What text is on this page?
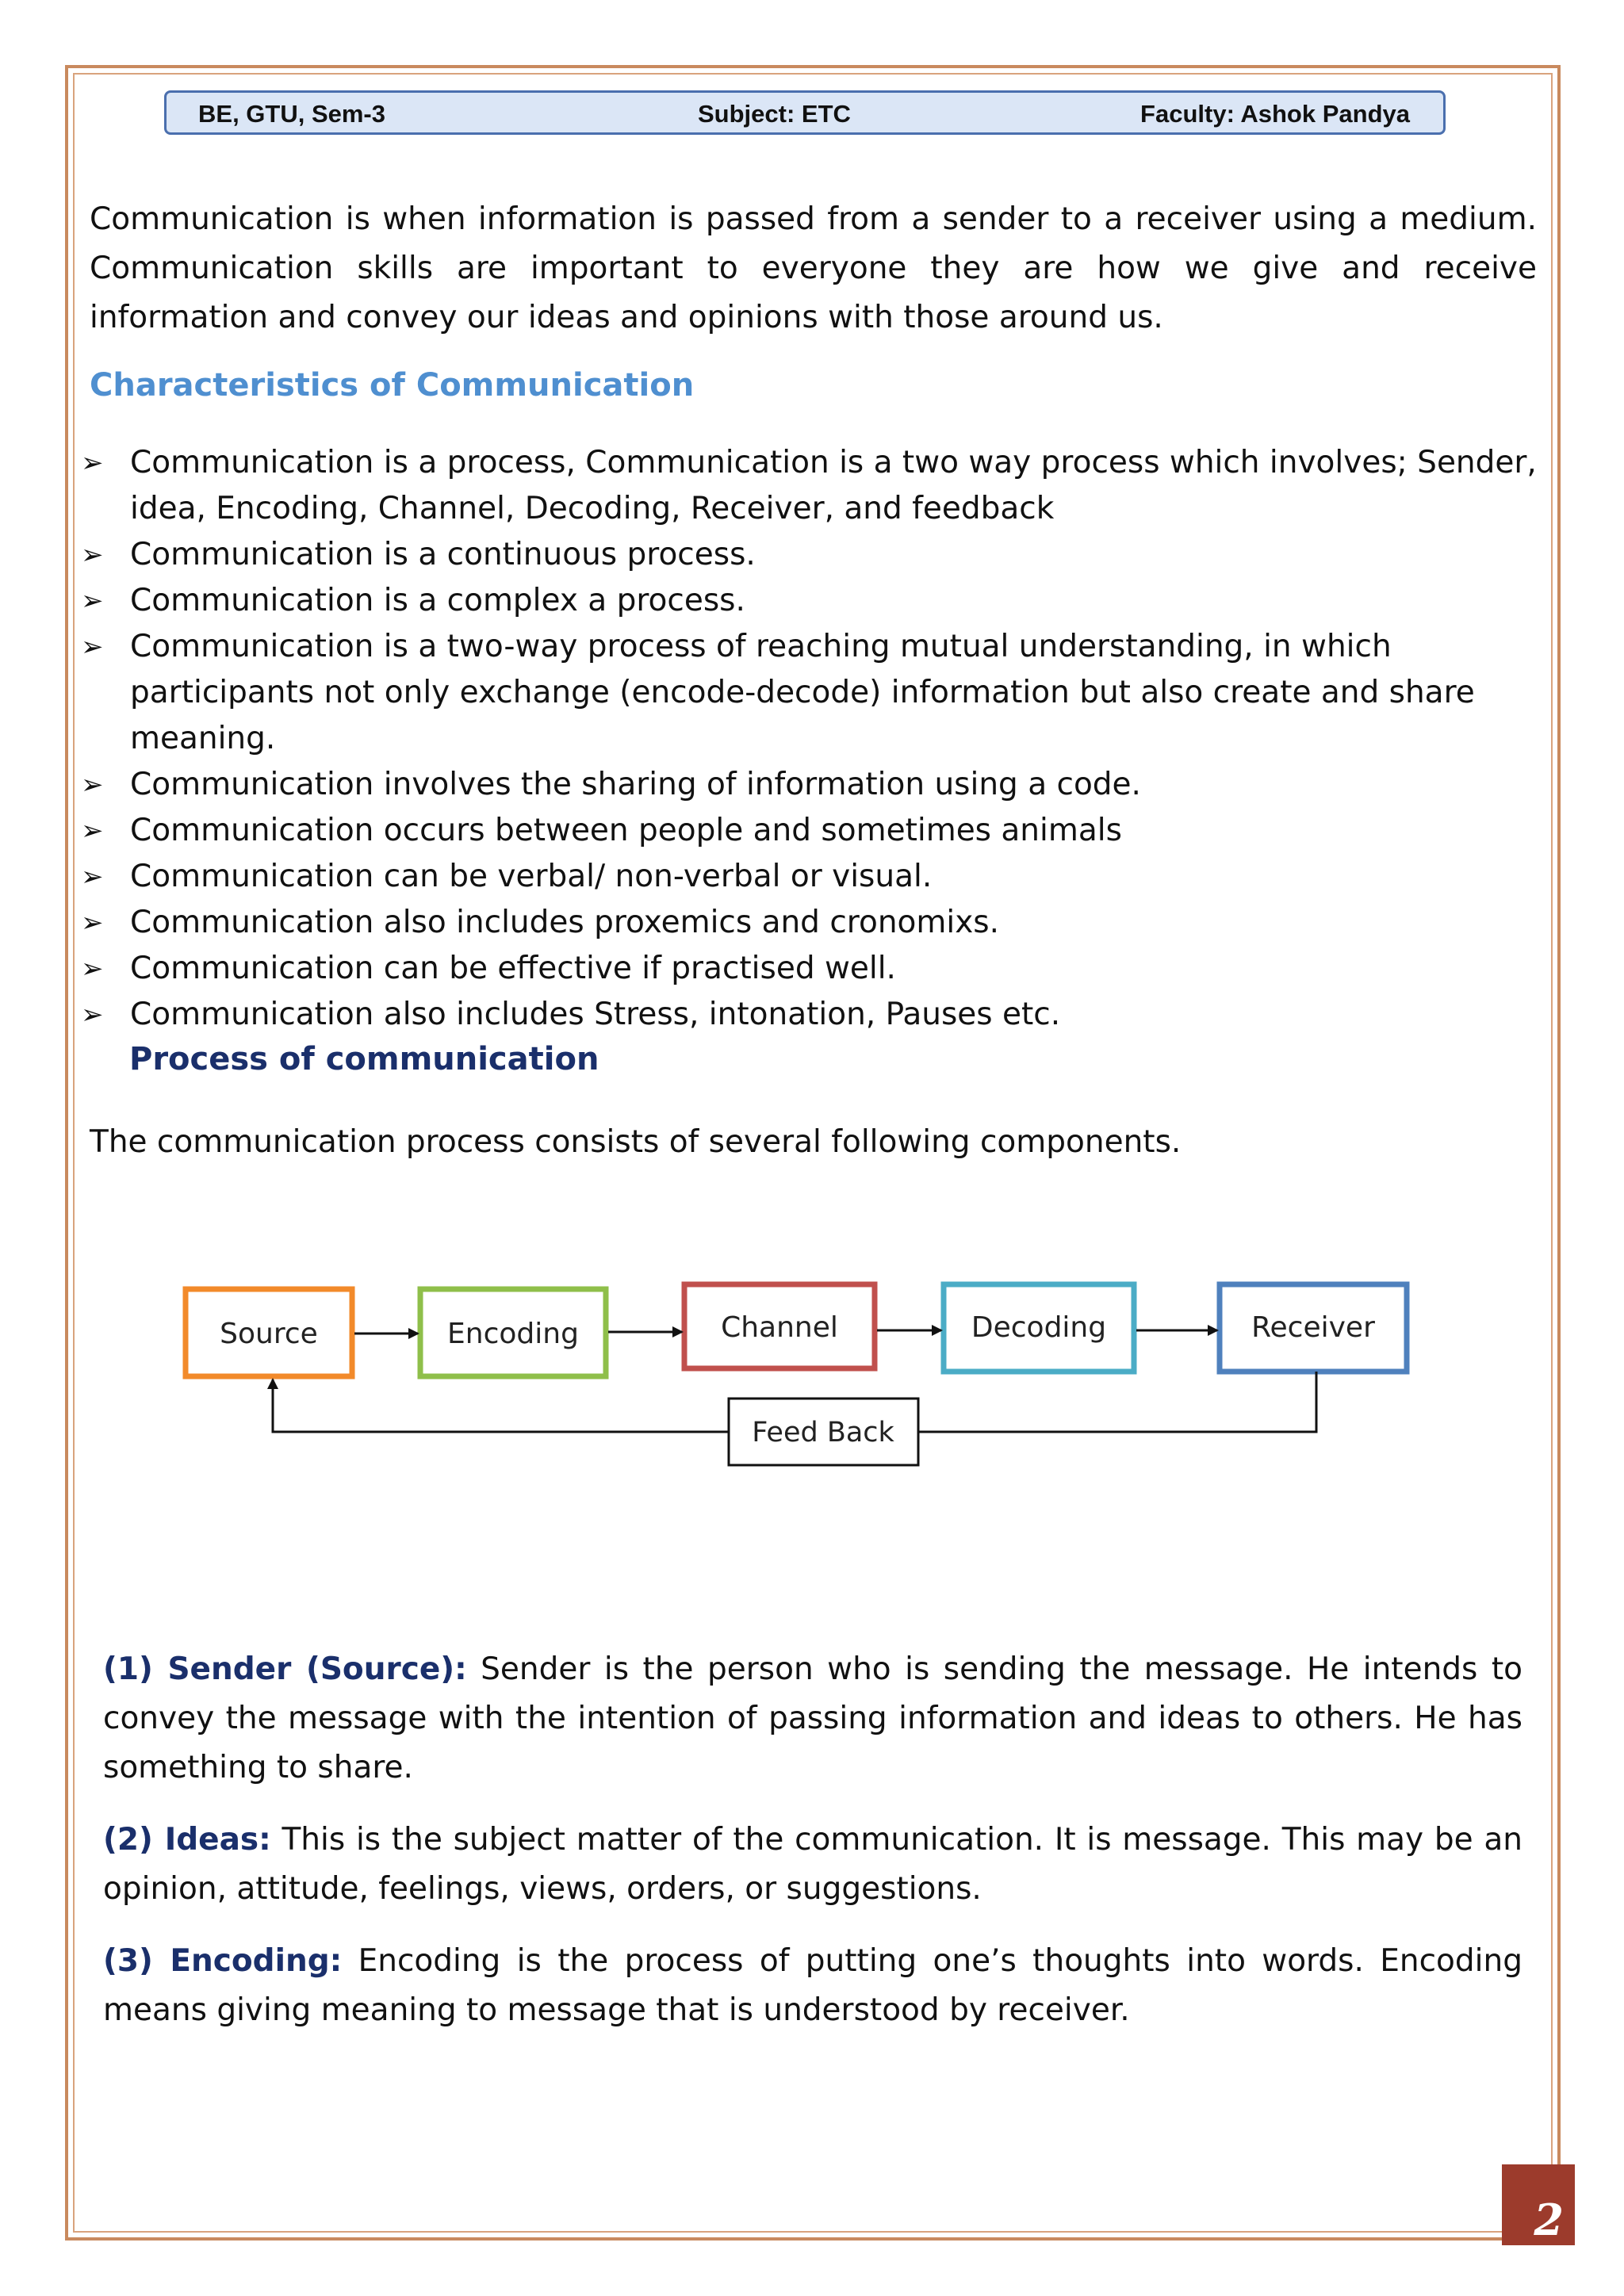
BE, GTU, Sem-3	Subject: ETC	Faculty: Ashok Pandya

Communication is when information is passed from a sender to a receiver using a medium. Communication skills are important to everyone they are how we give and receive information and convey our ideas and opinions with those around us.

Characteristics of Communication
➢ Communication is a process, Communication is a two way process which involves; Sender, idea, Encoding, Channel, Decoding, Receiver, and feedback
➢ Communication is a continuous process.
➢ Communication is a complex a process.
➢ Communication is a two-way process of reaching mutual understanding, in which participants not only exchange (encode-decode) information but also create and share meaning.
➢ Communication involves the sharing of information using a code.
➢ Communication occurs between people and sometimes animals
➢ Communication can be verbal/ non-verbal or visual.
➢ Communication also includes proxemics and cronomixs.
➢ Communication can be effective if practised well.
➢ Communication also includes Stress, intonation, Pauses etc.
Process of communication

The communication process consists of several following components.

Source	Encoding	Channel	Decoding	Receiver
Feed Back
(1) Sender (Source): Sender is the person who is sending the message. He intends to convey the message with the intention of passing information and ideas to others. He has something to share.
(2) Ideas: This is the subject matter of the communication. It is message. This may be an opinion, attitude, feelings, views, orders, or suggestions.
(3) Encoding: Encoding is the process of putting one’s thoughts into words. Encoding means giving meaning to message that is understood by receiver.
2
